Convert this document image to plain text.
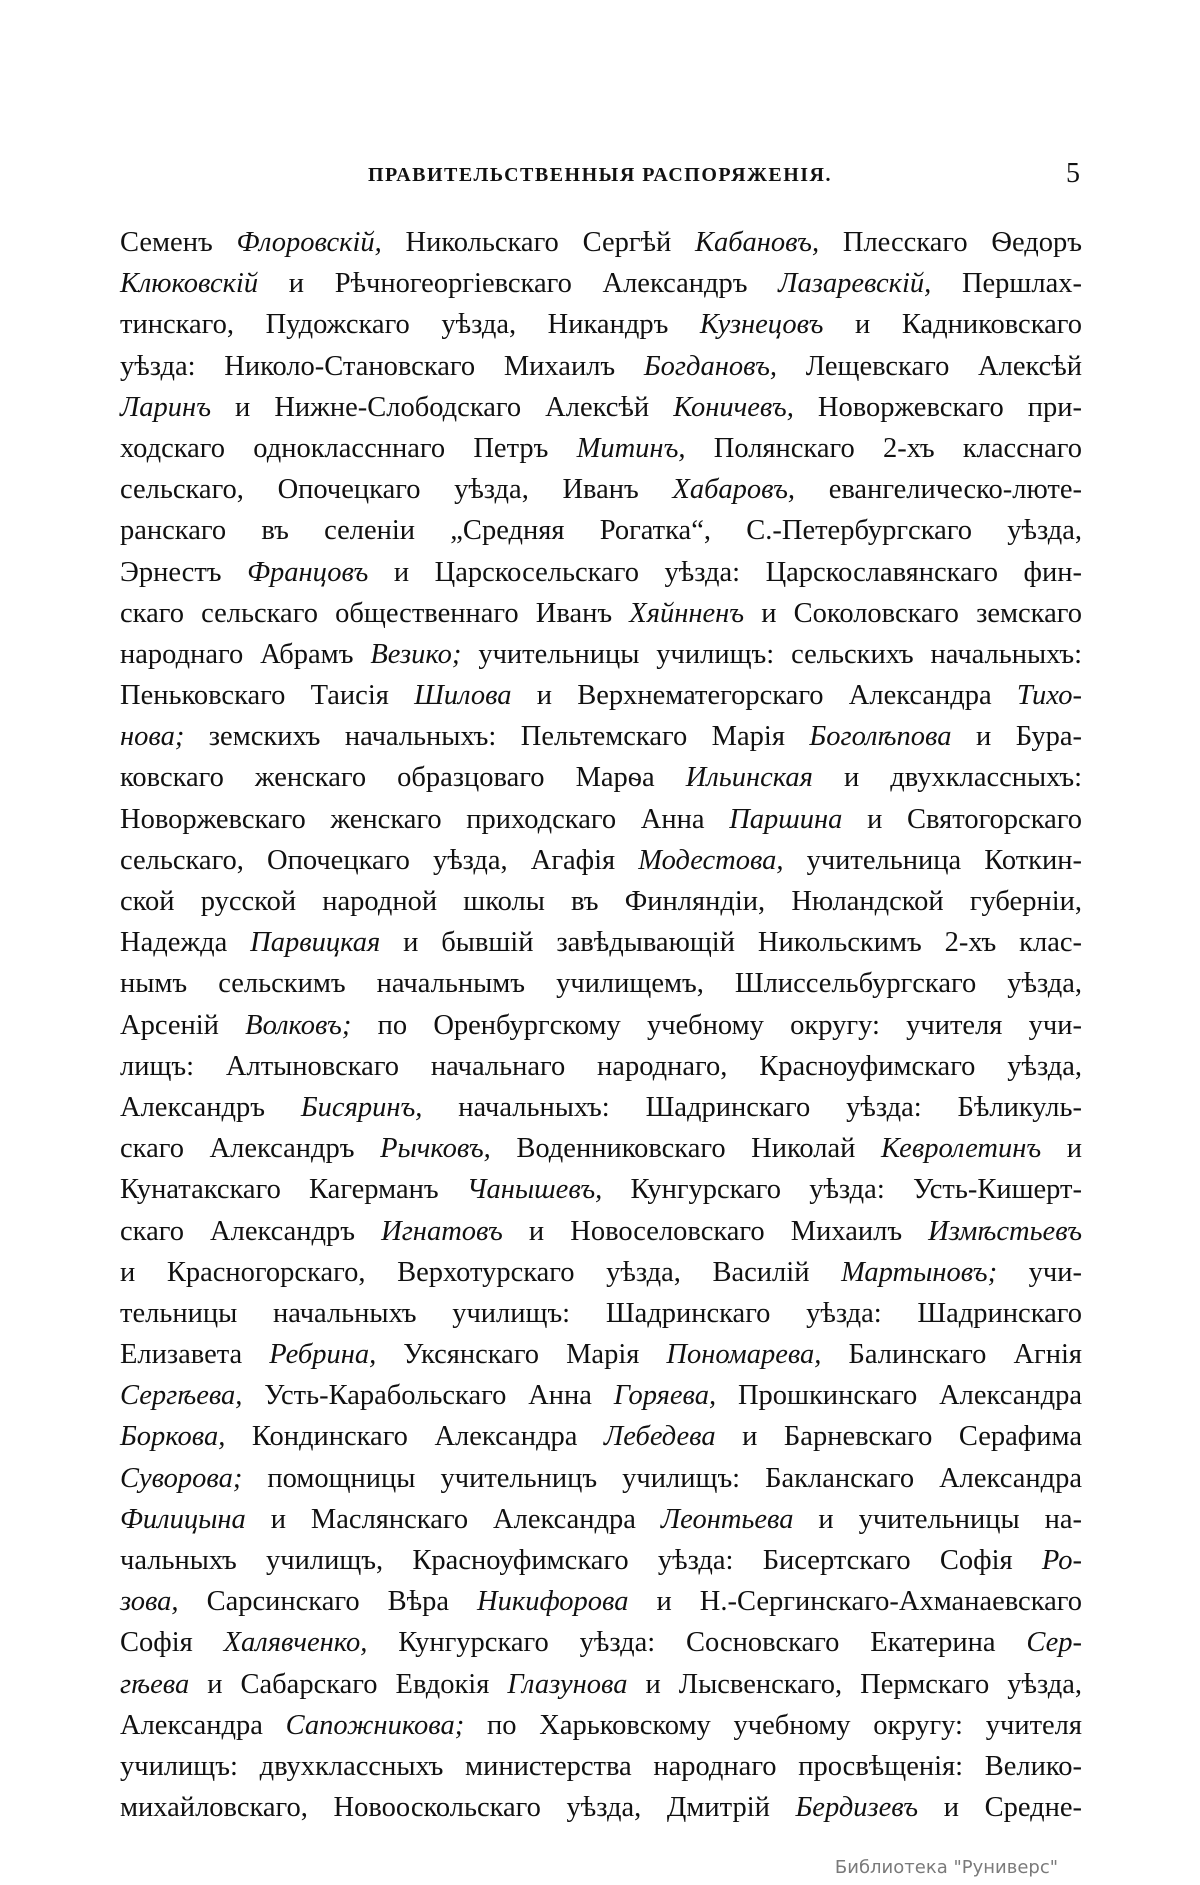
ПРАВИТЕЛЬСТВЕННЫЯ РАСПОРЯЖЕНІЯ.	5
Семенъ Флоровскій, Никольскаго Сергѣй Кабановъ, Плесскаго Ѳедоръ
Клюковскій и Рѣчногеоргіевскаго Александръ Лазаревскій, Першлах-
тинскаго, Пудожскаго уѣзда, Никандръ Кузнецовъ и Кадниковскаго
уѣзда: Николо-Становскаго Михаилъ Богдановъ, Лещевскаго Алексѣй
Ларинъ и Нижне-Слободскаго Алексѣй Коничевъ, Новоржевскаго при-
ходскаго одноклассннаго Петръ Митинъ, Полянскаго 2-хъ класснаго
сельскаго, Опочецкаго уѣзда, Иванъ Хабаровъ, евангелическо-люте-
ранскаго въ селеніи „Средняя Рогатка“, С.-Петербургскаго уѣзда,
Эрнестъ Францовъ и Царскосельскаго уѣзда: Царскославянскаго фин-
скаго сельскаго общественнаго Иванъ Хяйнненъ и Соколовскаго земскаго
народнаго Абрамъ Везико; учительницы училищъ: сельскихъ начальныхъ:
Пеньковскаго Таисія Шилова и Верхнематегорскаго Александра Тихо-
нова; земскихъ начальныхъ: Пельтемскаго Марія Боголѣпова и Бура-
ковскаго женскаго образцоваго Марѳа Ильинская и двухклассныхъ:
Новоржевскаго женскаго приходскаго Анна Паршина и Святогорскаго
сельскаго, Опочецкаго уѣзда, Агафія Модестова, учительница Коткин-
ской русской народной школы въ Финляндіи, Нюландской губерніи,
Надежда Парвицкая и бывшій завѣдывающій Никольскимъ 2-хъ клас-
нымъ сельскимъ начальнымъ училищемъ, Шлиссельбургскаго уѣзда,
Арсеній Волковъ; по Оренбургскому учебному округу: учителя учи-
лищъ: Алтыновскаго начальнаго народнаго, Красноуфимскаго уѣзда,
Александръ Бисяринъ, начальныхъ: Шадринскаго уѣзда: Бѣликуль-
скаго Александръ Рычковъ, Воденниковскаго Николай Кевролетинъ и
Кунатакскаго Кагерманъ Чанышевъ, Кунгурскаго уѣзда: Усть-Кишерт-
скаго Александръ Игнатовъ и Новоселовскаго Михаилъ Измѣстьевъ
и Красногорскаго, Верхотурскаго уѣзда, Василій Мартыновъ; учи-
тельницы начальныхъ училищъ: Шадринскаго уѣзда: Шадринскаго
Елизавета Ребрина, Уксянскаго Марія Пономарева, Балинскаго Агнія
Сергѣева, Усть-Карабольскаго Анна Горяева, Прошкинскаго Александра
Боркова, Кондинскаго Александра Лебедева и Барневскаго Серафима
Суворова; помощницы учительницъ училищъ: Бакланскаго Александра
Филицына и Маслянскаго Александра Леонтьева и учительницы на-
чальныхъ училищъ, Красноуфимскаго уѣзда: Бисертскаго Софія Ро-
зова, Сарсинскаго Вѣра Никифорова и Н.-Сергинскаго-Ахманаевскаго
Софія Халявченко, Кунгурскаго уѣзда: Сосновскаго Екатерина Сер-
гѣева и Сабарскаго Евдокія Глазунова и Лысвенскаго, Пермскаго уѣзда,
Александра Сапожникова; по Харьковскому учебному округу: учителя
училищъ: двухклассныхъ министерства народнаго просвѣщенія: Велико-
михайловскаго, Новооскольскаго уѣзда, Дмитрій Бердизевъ и Средне-
Библиотека "Руниверс"
